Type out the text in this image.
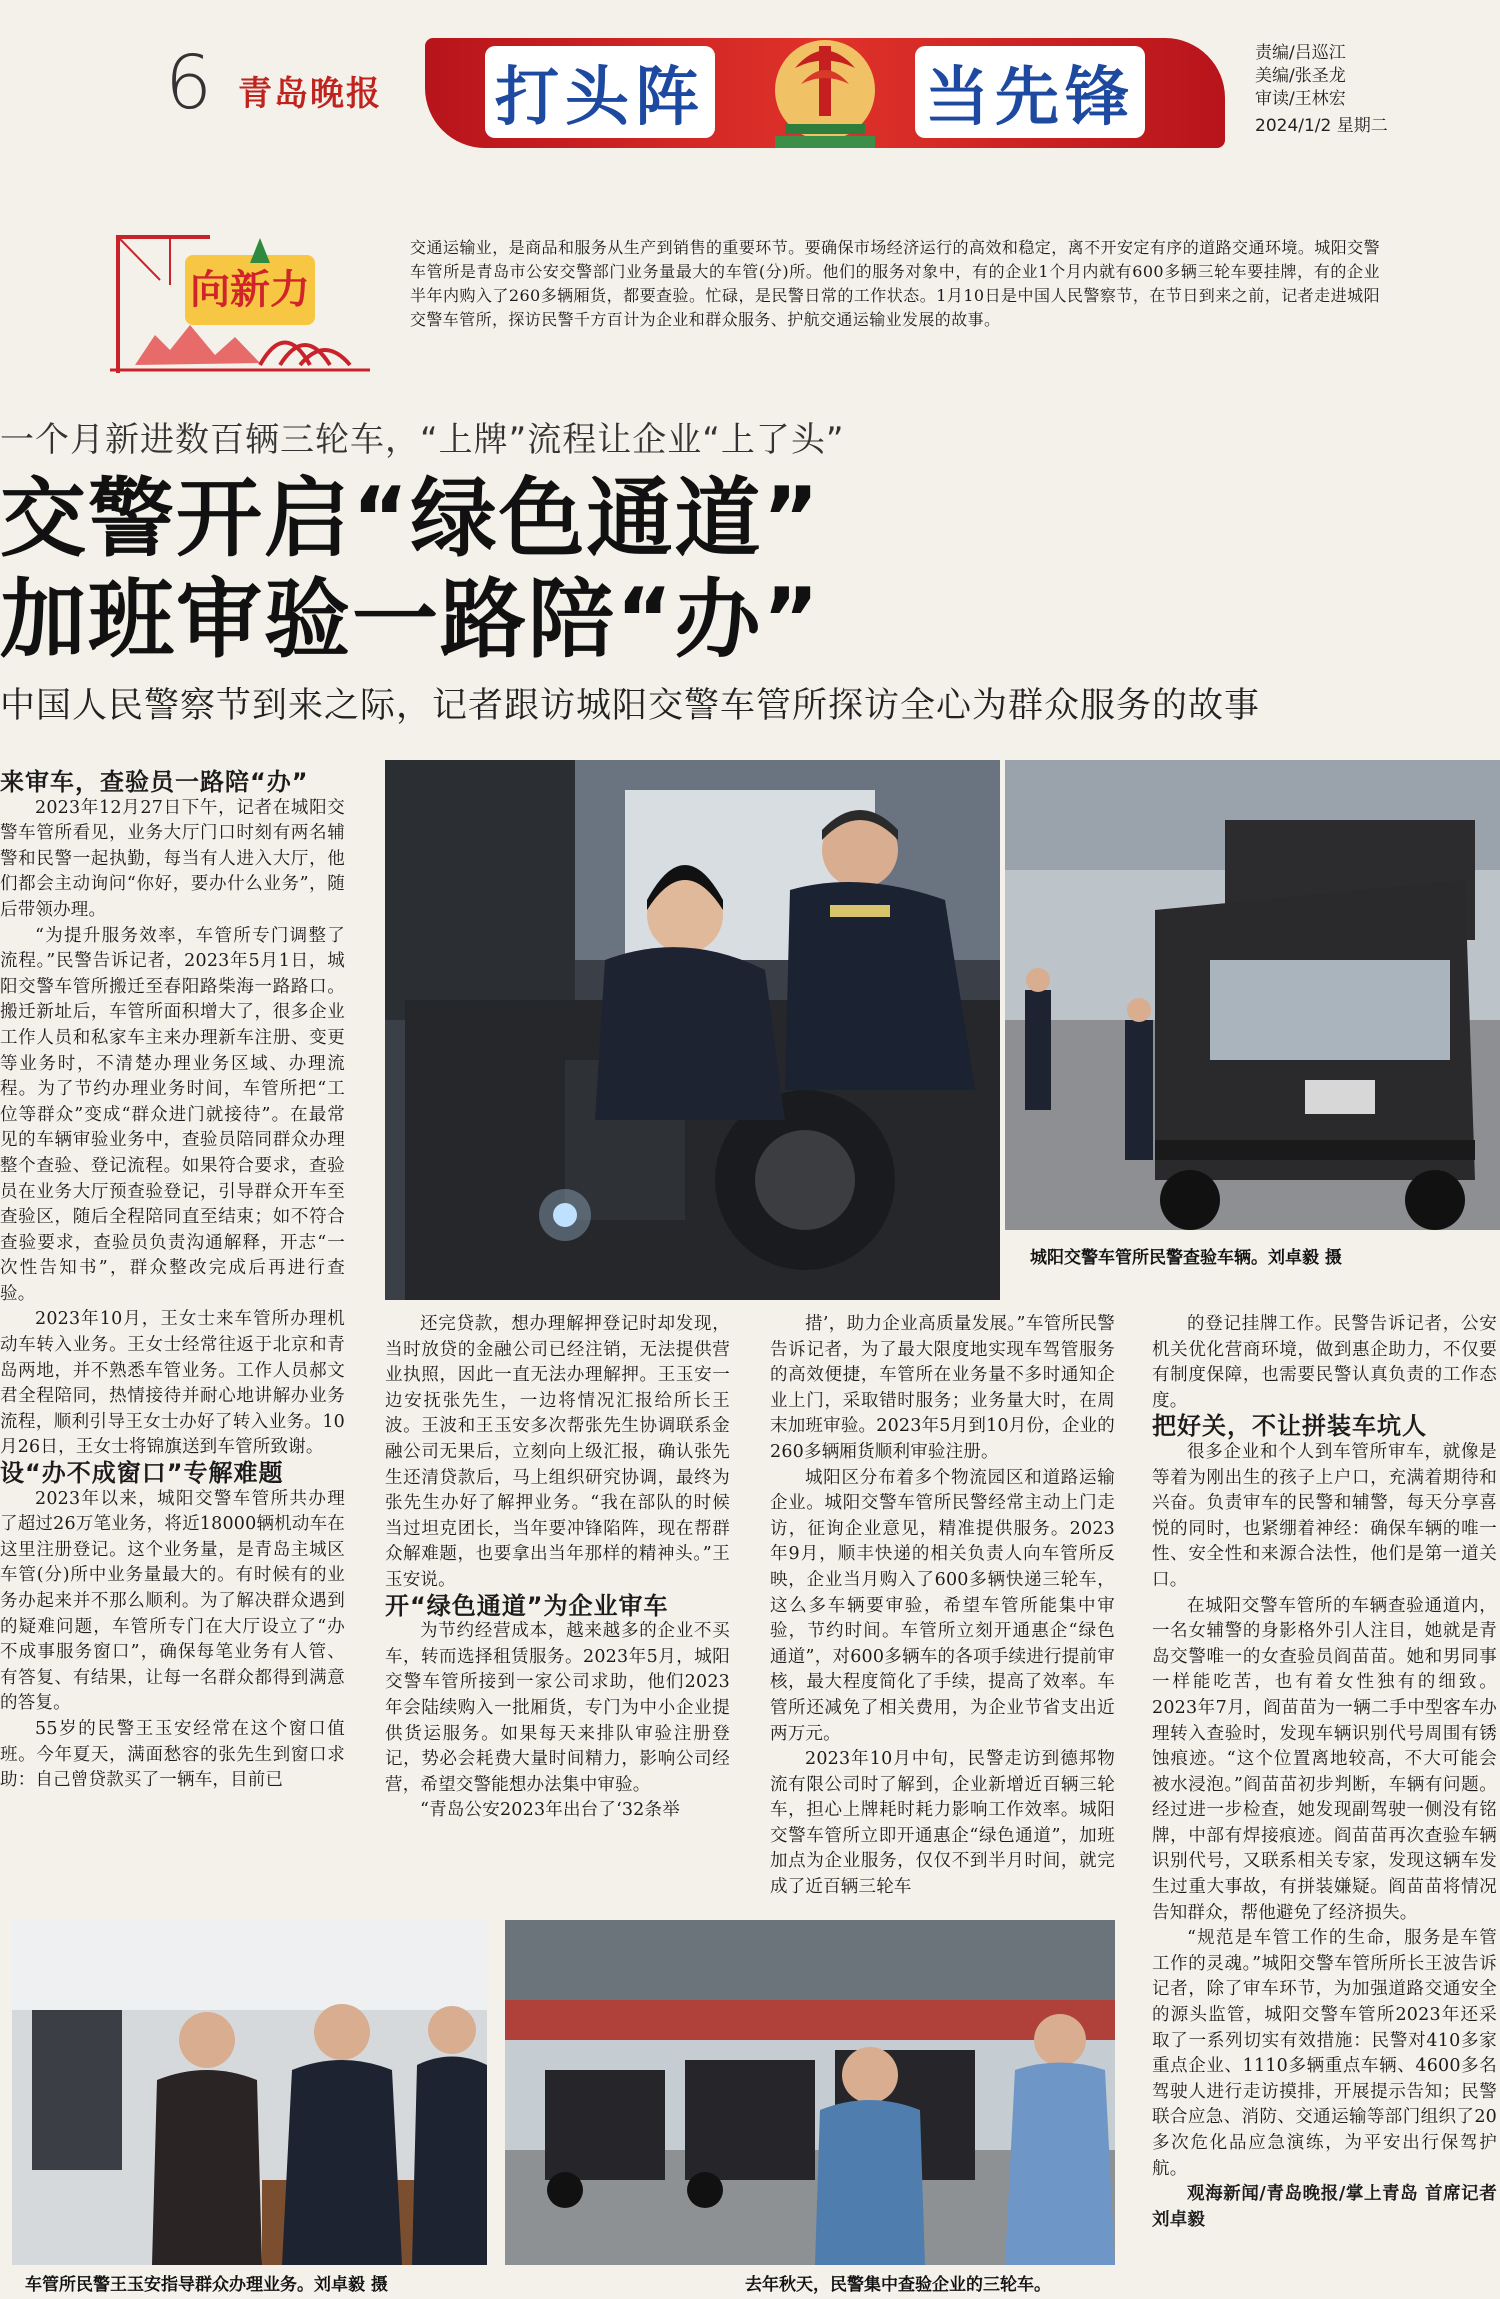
6 青岛晚报 打头阵	当先锋
责编/吕巡江
美编/张圣龙
审读/王林宏
2024/1/2 星期二
向新力
交通运输业，是商品和服务从生产到销售的重要环节。要确保市场经济运行的高效和稳定，离不开安定有序的道路交通环境。城阳交警车管所是青岛市公安交警部门业务量最大的车管(分)所。他们的服务对象中，有的企业1个月内就有600多辆三轮车要挂牌，有的企业半年内购入了260多辆厢货，都要查验。忙碌，是民警日常的工作状态。1月10日是中国人民警察节，在节日到来之前，记者走进城阳交警车管所，探访民警千方百计为企业和群众服务、护航交通运输业发展的故事。
一个月新进数百辆三轮车，“上牌”流程让企业“上了头”
交警开启“绿色通道”
加班审验一路陪“办”
中国人民警察节到来之际，记者跟访城阳交警车管所探访全心为群众服务的故事

来审车，查验员一路陪“办”

2023年12月27日下午，记者在城阳交警车管所看见，业务大厅门口时刻有两名辅警和民警一起执勤，每当有人进入大厅，他们都会主动询问“你好，要办什么业务”，随后带领办理。

“为提升服务效率，车管所专门调整了流程。”民警告诉记者，2023年5月1日，城阳交警车管所搬迁至春阳路柴海一路路口。搬迁新址后，车管所面积增大了，很多企业工作人员和私家车主来办理新车注册、变更等业务时，不清楚办理业务区域、办理流程。为了节约办理业务时间，车管所把“工位等群众”变成“群众进门就接待”。在最常见的车辆审验业务中，查验员陪同群众办理整个查验、登记流程。如果符合要求，查验员在业务大厅预查验登记，引导群众开车至查验区，随后全程陪同直至结束；如不符合查验要求，查验员负责沟通解释，开志“一次性告知书”，群众整改完成后再进行查验。

2023年10月，王女士来车管所办理机动车转入业务。王女士经常往返于北京和青岛两地，并不熟悉车管业务。工作人员郝文君全程陪同，热情接待并耐心地讲解办业务流程，顺利引导王女士办好了转入业务。10月26日，王女士将锦旗送到车管所致谢。

设“办不成窗口”专解难题

2023年以来，城阳交警车管所共办理了超过26万笔业务，将近18000辆机动车在这里注册登记。这个业务量，是青岛主城区车管(分)所中业务量最大的。有时候有的业务办起来并不那么顺利。为了解决群众遇到的疑难问题，车管所专门在大厅设立了“办不成事服务窗口”，确保每笔业务有人管、有答复、有结果，让每一名群众都得到满意的答复。

55岁的民警王玉安经常在这个窗口值班。今年夏天，满面愁容的张先生到窗口求助：自己曾贷款买了一辆车，目前已

城阳交警车管所民警查验车辆。刘卓毅 摄

还完贷款，想办理解押登记时却发现，当时放贷的金融公司已经注销，无法提供营业执照，因此一直无法办理解押。王玉安一边安抚张先生，一边将情况汇报给所长王波。王波和王玉安多次帮张先生协调联系金融公司无果后，立刻向上级汇报，确认张先生还清贷款后，马上组织研究协调，最终为张先生办好了解押业务。“我在部队的时候当过坦克团长，当年要冲锋陷阵，现在帮群众解难题，也要拿出当年那样的精神头。”王玉安说。

开“绿色通道”为企业审车

为节约经营成本，越来越多的企业不买车，转而选择租赁服务。2023年5月，城阳交警车管所接到一家公司求助，他们2023年会陆续购入一批厢货，专门为中小企业提供货运服务。如果每天来排队审验注册登记，势必会耗费大量时间精力，影响公司经营，希望交警能想办法集中审验。

“青岛公安2023年出台了‘32条举

措’，助力企业高质量发展。”车管所民警告诉记者，为了最大限度地实现车驾管服务的高效便捷，车管所在业务量不多时通知企业上门，采取错时服务；业务量大时，在周末加班审验。2023年5月到10月份，企业的260多辆厢货顺利审验注册。

城阳区分布着多个物流园区和道路运输企业。城阳交警车管所民警经常主动上门走访，征询企业意见，精准提供服务。2023年9月，顺丰快递的相关负责人向车管所反映，企业当月购入了600多辆快递三轮车，这么多车辆要审验，希望车管所能集中审验，节约时间。车管所立刻开通惠企“绿色通道”，对600多辆车的各项手续进行提前审核，最大程度简化了手续，提高了效率。车管所还减免了相关费用，为企业节省支出近两万元。

2023年10月中旬，民警走访到德邦物流有限公司时了解到，企业新增近百辆三轮车，担心上牌耗时耗力影响工作效率。城阳交警车管所立即开通惠企“绿色通道”，加班加点为企业服务，仅仅不到半月时间，就完成了近百辆三轮车

的登记挂牌工作。民警告诉记者，公安机关优化营商环境，做到惠企助力，不仅要有制度保障，也需要民警认真负责的工作态度。

把好关，不让拼装车坑人

很多企业和个人到车管所审车，就像是等着为刚出生的孩子上户口，充满着期待和兴奋。负责审车的民警和辅警，每天分享喜悦的同时，也紧绷着神经：确保车辆的唯一性、安全性和来源合法性，他们是第一道关口。

在城阳交警车管所的车辆查验通道内，一名女辅警的身影格外引人注目，她就是青岛交警唯一的女查验员阎苗苗。她和男同事一样能吃苦，也有着女性独有的细致。2023年7月，阎苗苗为一辆二手中型客车办理转入查验时，发现车辆识别代号周围有锈蚀痕迹。“这个位置离地较高，不大可能会被水浸泡。”阎苗苗初步判断，车辆有问题。经过进一步检查，她发现副驾驶一侧没有铭牌，中部有焊接痕迹。阎苗苗再次查验车辆识别代号，又联系相关专家，发现这辆车发生过重大事故，有拼装嫌疑。阎苗苗将情况告知群众，帮他避免了经济损失。

“规范是车管工作的生命，服务是车管工作的灵魂。”城阳交警车管所所长王波告诉记者，除了审车环节，为加强道路交通安全的源头监管，城阳交警车管所2023年还采取了一系列切实有效措施：民警对410多家重点企业、1110多辆重点车辆、4600多名驾驶人进行走访摸排，开展提示告知；民警联合应急、消防、交通运输等部门组织了20多次危化品应急演练，为平安出行保驾护航。

观海新闻/青岛晚报/掌上青岛 首席记者 刘卓毅

车管所民警王玉安指导群众办理业务。刘卓毅 摄	去年秋天，民警集中查验企业的三轮车。
